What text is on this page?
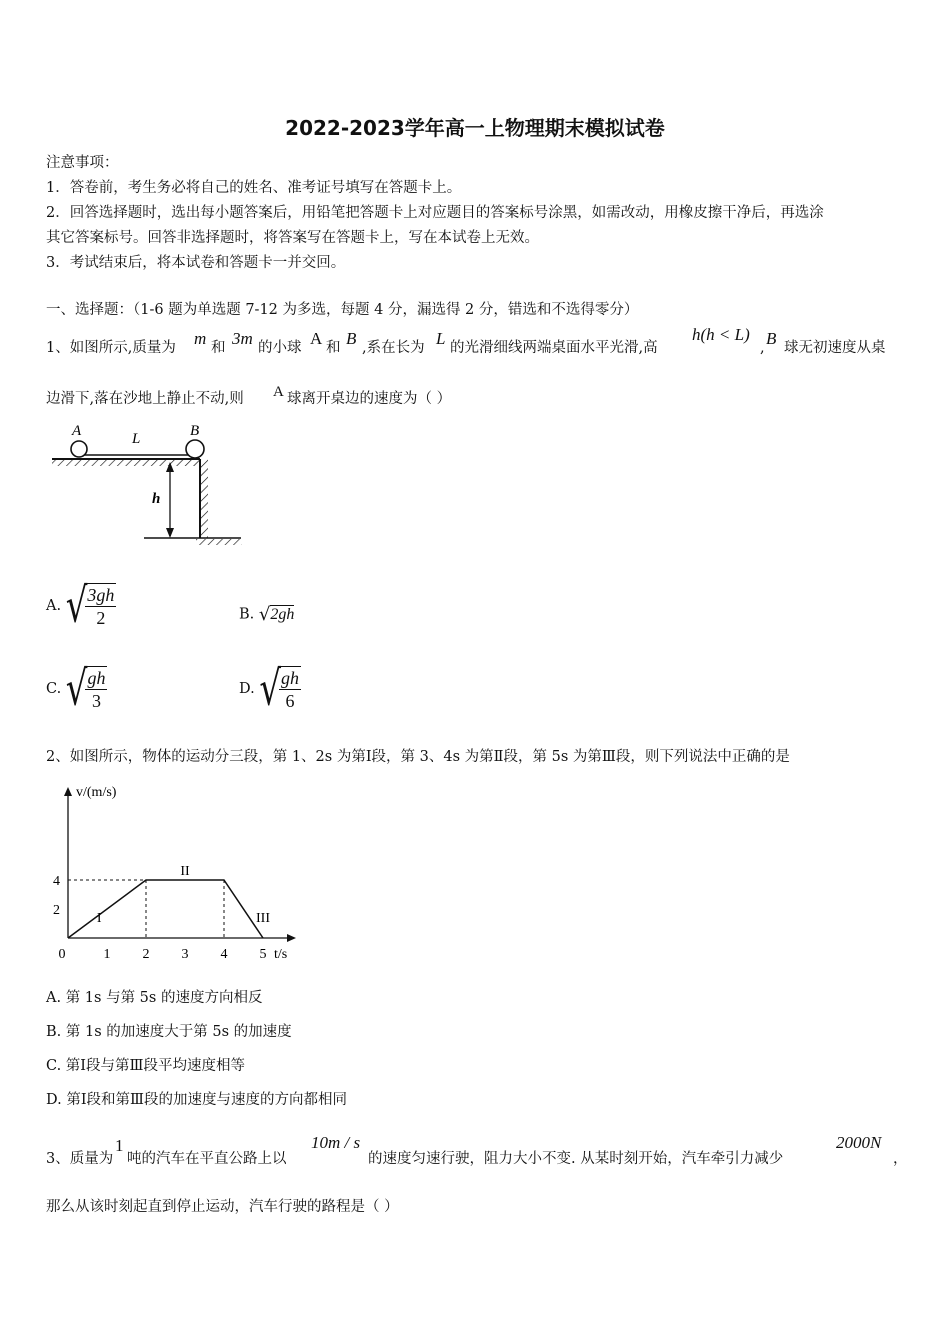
2022-2023学年高一上物理期末模拟试卷
注意事项：
1．答卷前，考生务必将自己的姓名、准考证号填写在答题卡上。
2．回答选择题时，选出每小题答案后，用铅笔把答题卡上对应题目的答案标号涂黑，如需改动，用橡皮擦干净后，再选涂
其它答案标号。回答非选择题时，将答案写在答题卡上，写在本试卷上无效。
3．考试结束后，将本试卷和答题卡一并交回。
一、选择题：（1-6 题为单选题 7-12 为多选，每题 4 分，漏选得 2 分，错选和不选得零分）
1、如图所示,质量为 m 和 3m 的小球 A 和 B ,系在长为 L 的光滑细线两端桌面水平光滑,高
h(h < L)
, B 球无初速度从桌
边滑下,落在沙地上静止不动,则 A 球离开桌边的速度为（ ）
A	L	B
h
A. √
$\frac{3gh}{2}$	B. √2gh
C. √
$\frac{gh}{3}$	D. √
$\frac{gh}{6}$
2、如图所示，物体的运动分三段，第 1、2s 为第Ⅰ段，第 3、4s 为第Ⅱ段，第 5s 为第Ⅲ段，则下列说法中正确的是
v/(m/s)
t/s
0	1 2 3 4 5
2
4
I
II
III
A. 第 1s 与第 5s 的速度方向相反
B. 第 1s 的加速度大于第 5s 的加速度
C. 第Ⅰ段与第Ⅲ段平均速度相等
D. 第Ⅰ段和第Ⅲ段的加速度与速度的方向都相同
3、质量为
1
吨的汽车在平直公路上以
10m / s
的速度匀速行驶，阻力大小不变. 从某时刻开始，汽车牵引力减少
2000N
，
那么从该时刻起直到停止运动，汽车行驶的路程是（ ）
